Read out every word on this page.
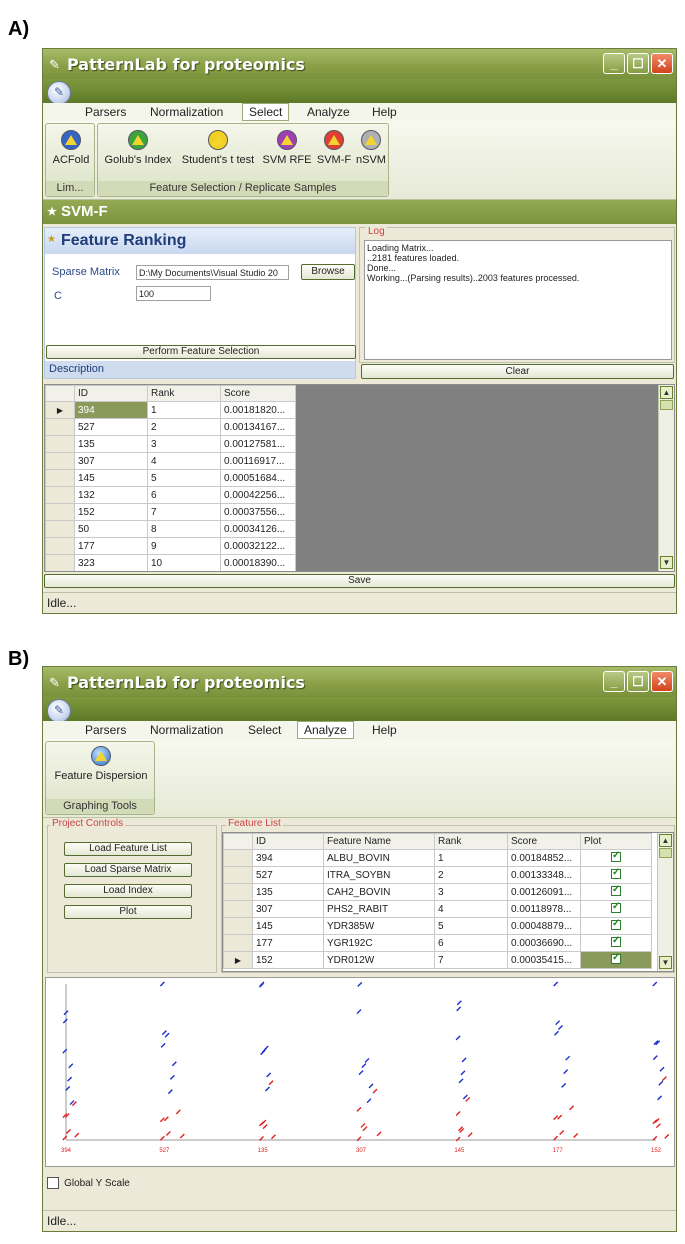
A)
✎ PatternLab for proteomics	_	☐ ✕
✎
Parsers Normalization	Select	Analyze Help
ACFold
Lim...
Golub's Index Student's t test SVM RFE SVM-F nSVM
Feature Selection / Replicate Samples
★ SVM-F
★ Feature Ranking
Sparse Matrix	D:\My Documents\Visual Studio 20	Browse
C	100
Perform Feature Selection
Description
Log
Loading Matrix...
..2181 features loaded.
Done...
Working...(Parsing results)..2003 features processed.
Clear
	ID	Rank	Score
▶	394	1	0.00181820...
	527	2	0.00134167...
	135	3	0.00127581...
	307	4	0.00116917...
	145	5	0.00051684...
	132	6	0.00042256...
	152	7	0.00037556...
	50	8	0.00034126...
	177	9	0.00032122...
	323	10	0.00018390...
▲
▼
Save
Idle...
B)
✎ PatternLab for proteomics	_	☐ ✕
✎
Parsers Normalization Select	Analyze	Help
Feature Dispersion
Graphing Tools
Project Controls
Load Feature List
Load Sparse Matrix
Load Index
Plot
Feature List
	ID	Feature Name	Rank	Score	Plot
	394	ALBU_BOVIN	1	0.00184852...	✓
	527	ITRA_SOYBN	2	0.00133348...	✓
	135	CAH2_BOVIN	3	0.00126091...	✓
	307	PHS2_RABIT	4	0.00118978...	✓
	145	YDR385W	5	0.00048879...	✓
	177	YGR192C	6	0.00036690...	✓
▶	152	YDR012W	7	0.00035415...	✓
▲
▼
394	527	135	307	145	177	152
Global Y Scale
Idle...
